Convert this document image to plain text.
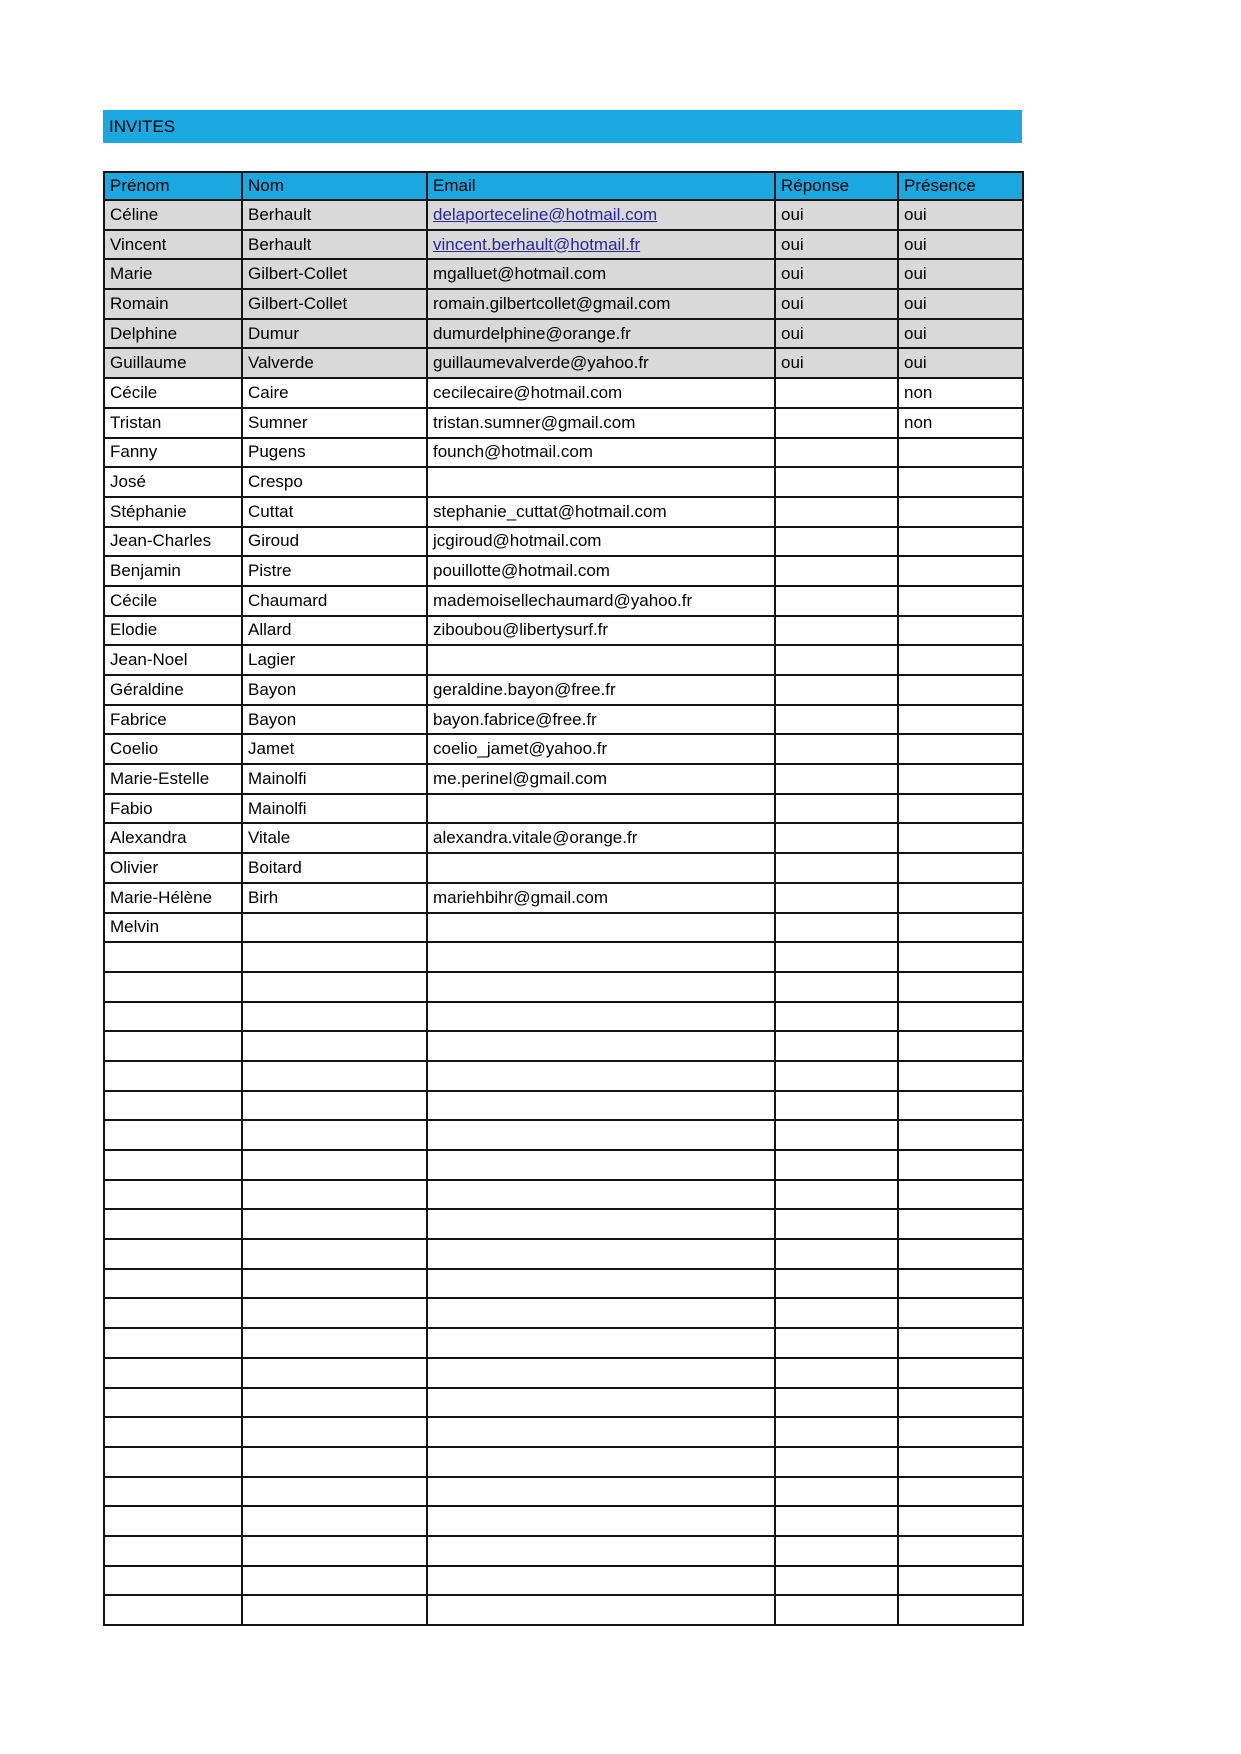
INVITES
Prénom	Nom	Email	Réponse	Présence
Céline	Berhault	delaporteceline@hotmail.com	oui	oui
Vincent	Berhault	vincent.berhault@hotmail.fr	oui	oui
Marie	Gilbert-Collet	mgalluet@hotmail.com	oui	oui
Romain	Gilbert-Collet	romain.gilbertcollet@gmail.com	oui	oui
Delphine	Dumur	dumurdelphine@orange.fr	oui	oui
Guillaume	Valverde	guillaumevalverde@yahoo.fr	oui	oui
Cécile	Caire	cecilecaire@hotmail.com		non
Tristan	Sumner	tristan.sumner@gmail.com		non
Fanny	Pugens	founch@hotmail.com		
José	Crespo			
Stéphanie	Cuttat	stephanie_cuttat@hotmail.com		
Jean-Charles	Giroud	jcgiroud@hotmail.com		
Benjamin	Pistre	pouillotte@hotmail.com		
Cécile	Chaumard	mademoisellechaumard@yahoo.fr		
Elodie	Allard	ziboubou@libertysurf.fr		
Jean-Noel	Lagier			
Géraldine	Bayon	geraldine.bayon@free.fr		
Fabrice	Bayon	bayon.fabrice@free.fr		
Coelio	Jamet	coelio_jamet@yahoo.fr		
Marie-Estelle	Mainolfi	me.perinel@gmail.com		
Fabio	Mainolfi			
Alexandra	Vitale	alexandra.vitale@orange.fr		
Olivier	Boitard			
Marie-Hélène	Birh	mariehbihr@gmail.com		
Melvin				
